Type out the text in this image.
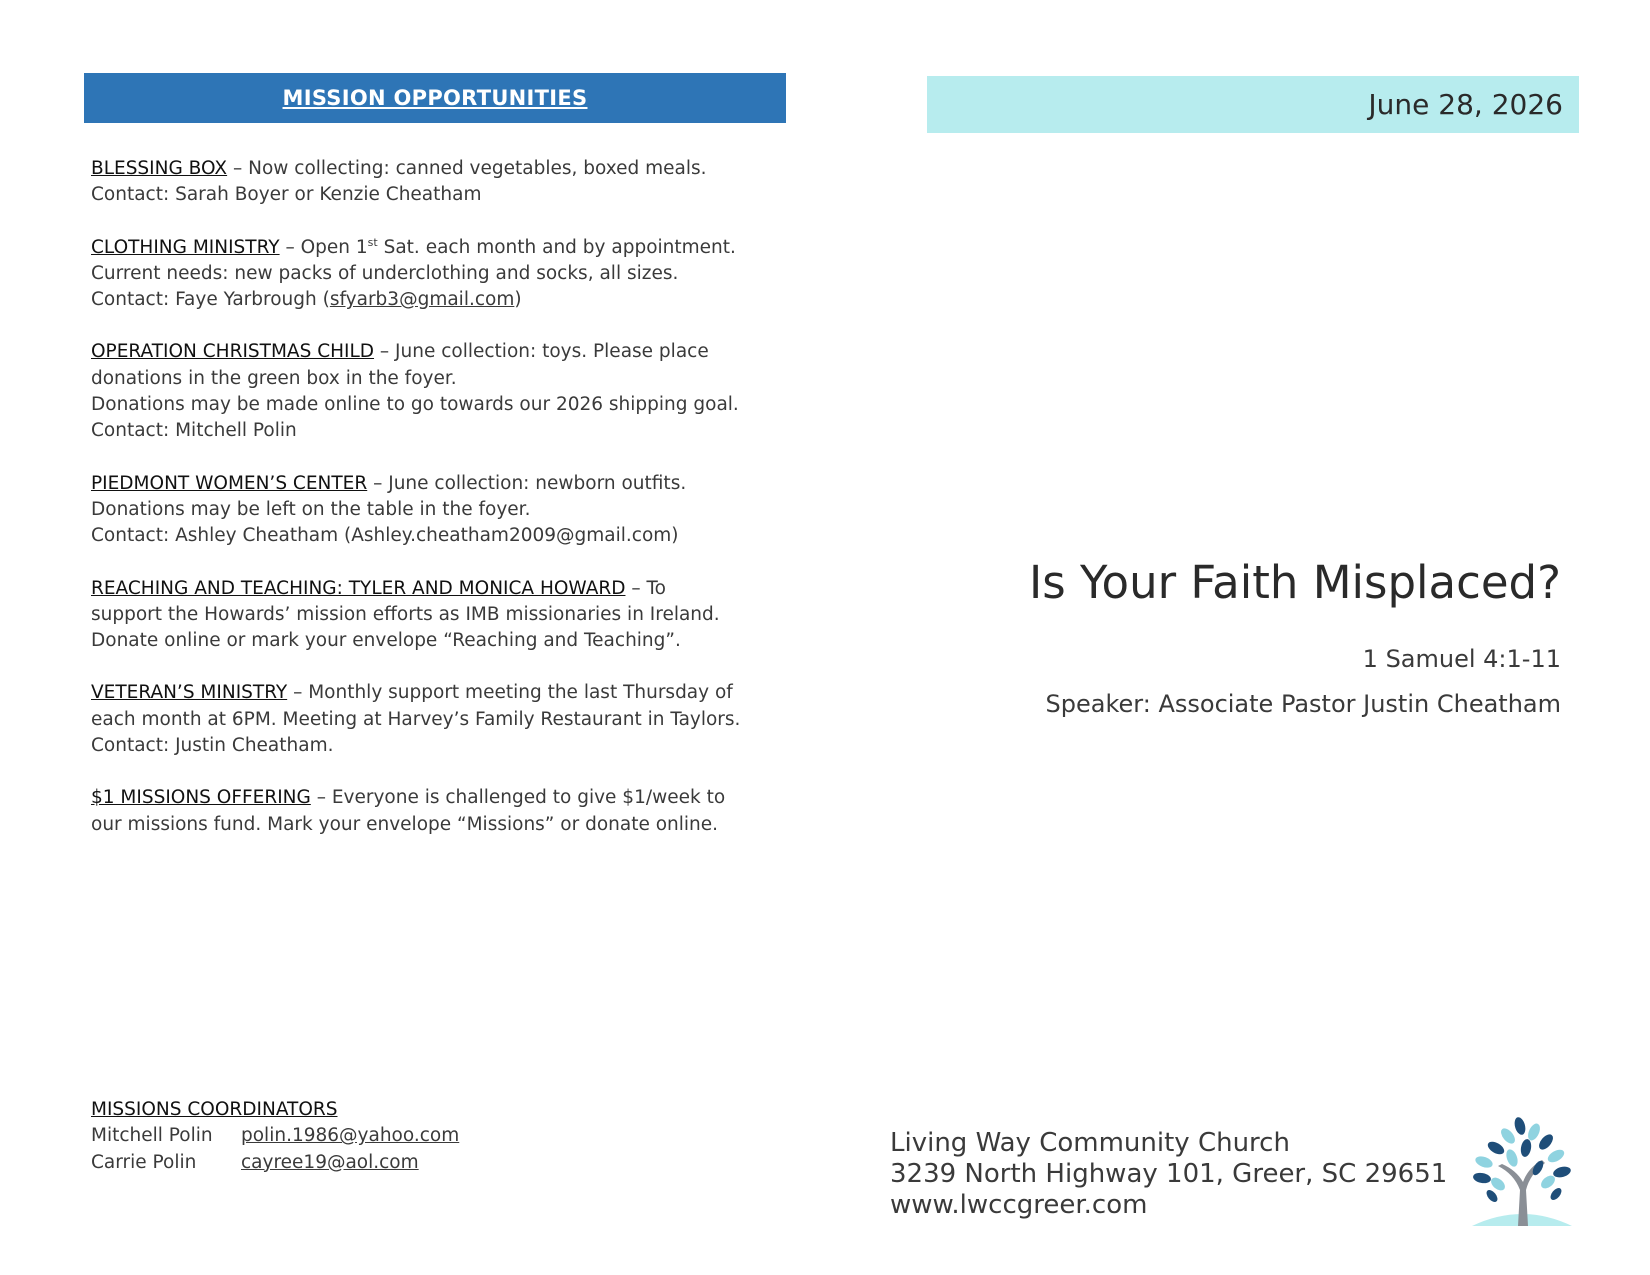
MISSION OPPORTUNITIES

BLESSING BOX – Now collecting: canned vegetables, boxed meals.

Contact: Sarah Boyer or Kenzie Cheatham

CLOTHING MINISTRY – Open 1st Sat. each month and by appointment.

Current needs: new packs of underclothing and socks, all sizes.

Contact: Faye Yarbrough (sfyarb3@gmail.com)

OPERATION CHRISTMAS CHILD – June collection: toys. Please place

donations in the green box in the foyer.

Donations may be made online to go towards our 2026 shipping goal.

Contact: Mitchell Polin

PIEDMONT WOMEN’S CENTER – June collection: newborn outfits.

Donations may be left on the table in the foyer.

Contact: Ashley Cheatham (Ashley.cheatham2009@gmail.com)

REACHING AND TEACHING: TYLER AND MONICA HOWARD – To

support the Howards’ mission efforts as IMB missionaries in Ireland.

Donate online or mark your envelope “Reaching and Teaching”.

VETERAN’S MINISTRY – Monthly support meeting the last Thursday of

each month at 6PM. Meeting at Harvey’s Family Restaurant in Taylors.

Contact: Justin Cheatham.

$1 MISSIONS OFFERING – Everyone is challenged to give $1/week to

our missions fund. Mark your envelope “Missions” or donate online.

MISSIONS COORDINATORS

Mitchell Polin	polin.1986@yahoo.com
Carrie Polin	cayree19@aol.com
June 28, 2026
Is Your Faith Misplaced?
1 Samuel 4:1-11
Speaker: Associate Pastor Justin Cheatham

Living Way Community Church

3239 North Highway 101, Greer, SC 29651

www.lwccgreer.com
